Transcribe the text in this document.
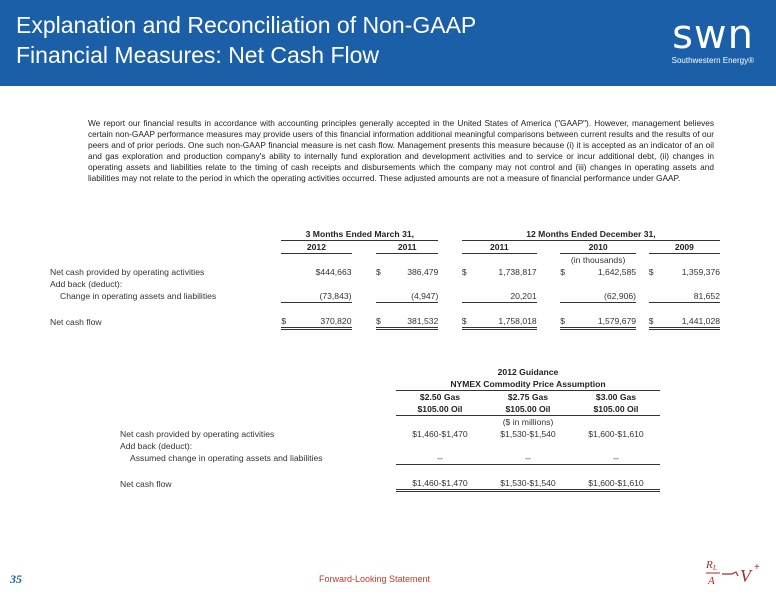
Explanation and Reconciliation of Non-GAAP
Financial Measures: Net Cash Flow	swn
Southwestern Energy®
We report our financial results in accordance with accounting principles generally accepted in the United States of America ("GAAP"). However, management believes certain non-GAAP performance measures may provide users of this financial information additional meaningful comparisons between current results and the results of our peers and of prior periods. One such non-GAAP financial measure is net cash flow. Management presents this measure because (i) it is accepted as an indicator of an oil and gas exploration and production company's ability to internally fund exploration and development activities and to service or incur additional debt, (ii) changes in operating assets and liabilities relate to the timing of cash receipts and disbursements which the company may not control and (iii) changes in operating assets and liabilities may not relate to the period in which the operating activities occurred. These adjusted amounts are not a measure of financial performance under GAAP.
	3 Months Ended March 31,						12 Months Ended December 31,							
	2012			2011			2011			2010			2009	
										(in thousands)				
Net cash provided by operating activities		$444,663		$	386,479		$	1,738,817		$	1,642,585		$	1,359,376
Add back (deduct):														
Change in operating assets and liabilities		(73,843)			(4,947)			20,201			(62,906)			81,652

Net cash flow	$	370,820		$	381,532		$	1,758,018		$	1,579,679		$	1,441,028
	2012 Guidance		
	NYMEX Commodity Price Assumption		
	$2.50 Gas	$2.75 Gas	$3.00 Gas
	$105.00 Oil	$105.00 Oil	$105.00 Oil
		($ in millions)	
Net cash provided by operating activities	$1,460-$1,470	$1,530-$1,540	$1,600-$1,610
Add back (deduct):			
Assumed change in operating assets and liabilities	--	--	--

Net cash flow	$1,460-$1,470	$1,530-$1,540	$1,600-$1,610
35	Forward-Looking Statement
R L
A V +
